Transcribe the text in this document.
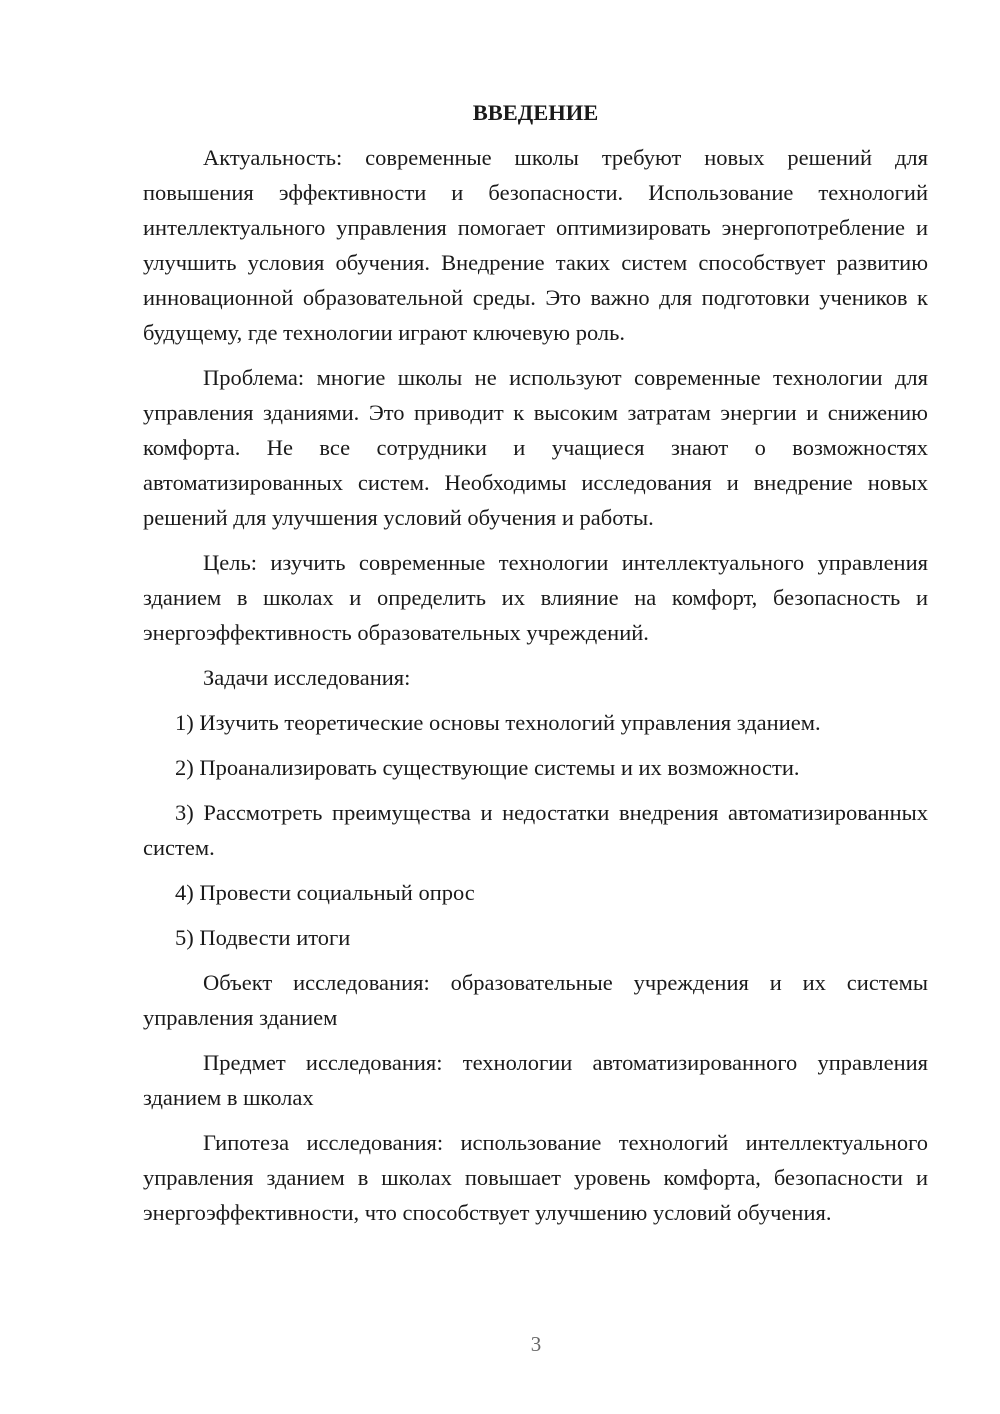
ВВЕДЕНИЕ

Актуальность: современные школы требуют новых решений для повышения эффективности и безопасности. Использование технологий интеллектуального управления помогает оптимизировать энергопотребление и улучшить условия обучения. Внедрение таких систем способствует развитию инновационной образовательной среды. Это важно для подготовки учеников к будущему, где технологии играют ключевую роль.

Проблема: многие школы не используют современные технологии для управления зданиями. Это приводит к высоким затратам энергии и снижению комфорта. Не все сотрудники и учащиеся знают о возможностях автоматизированных систем. Необходимы исследования и внедрение новых решений для улучшения условий обучения и работы.

Цель: изучить современные технологии интеллектуального управления зданием в школах и определить их влияние на комфорт, безопасность и энергоэффективность образовательных учреждений.

Задачи исследования:

1) Изучить теоретические основы технологий управления зданием.

2) Проанализировать существующие системы и их возможности.

3) Рассмотреть преимущества и недостатки внедрения автоматизированных систем.

4) Провести социальный опрос

5) Подвести итоги

Объект исследования: образовательные учреждения и их системы управления зданием

Предмет исследования: технологии автоматизированного управления зданием в школах

Гипотеза исследования: использование технологий интеллектуального управления зданием в школах повышает уровень комфорта, безопасности и энергоэффективности, что способствует улучшению условий обучения.

3
